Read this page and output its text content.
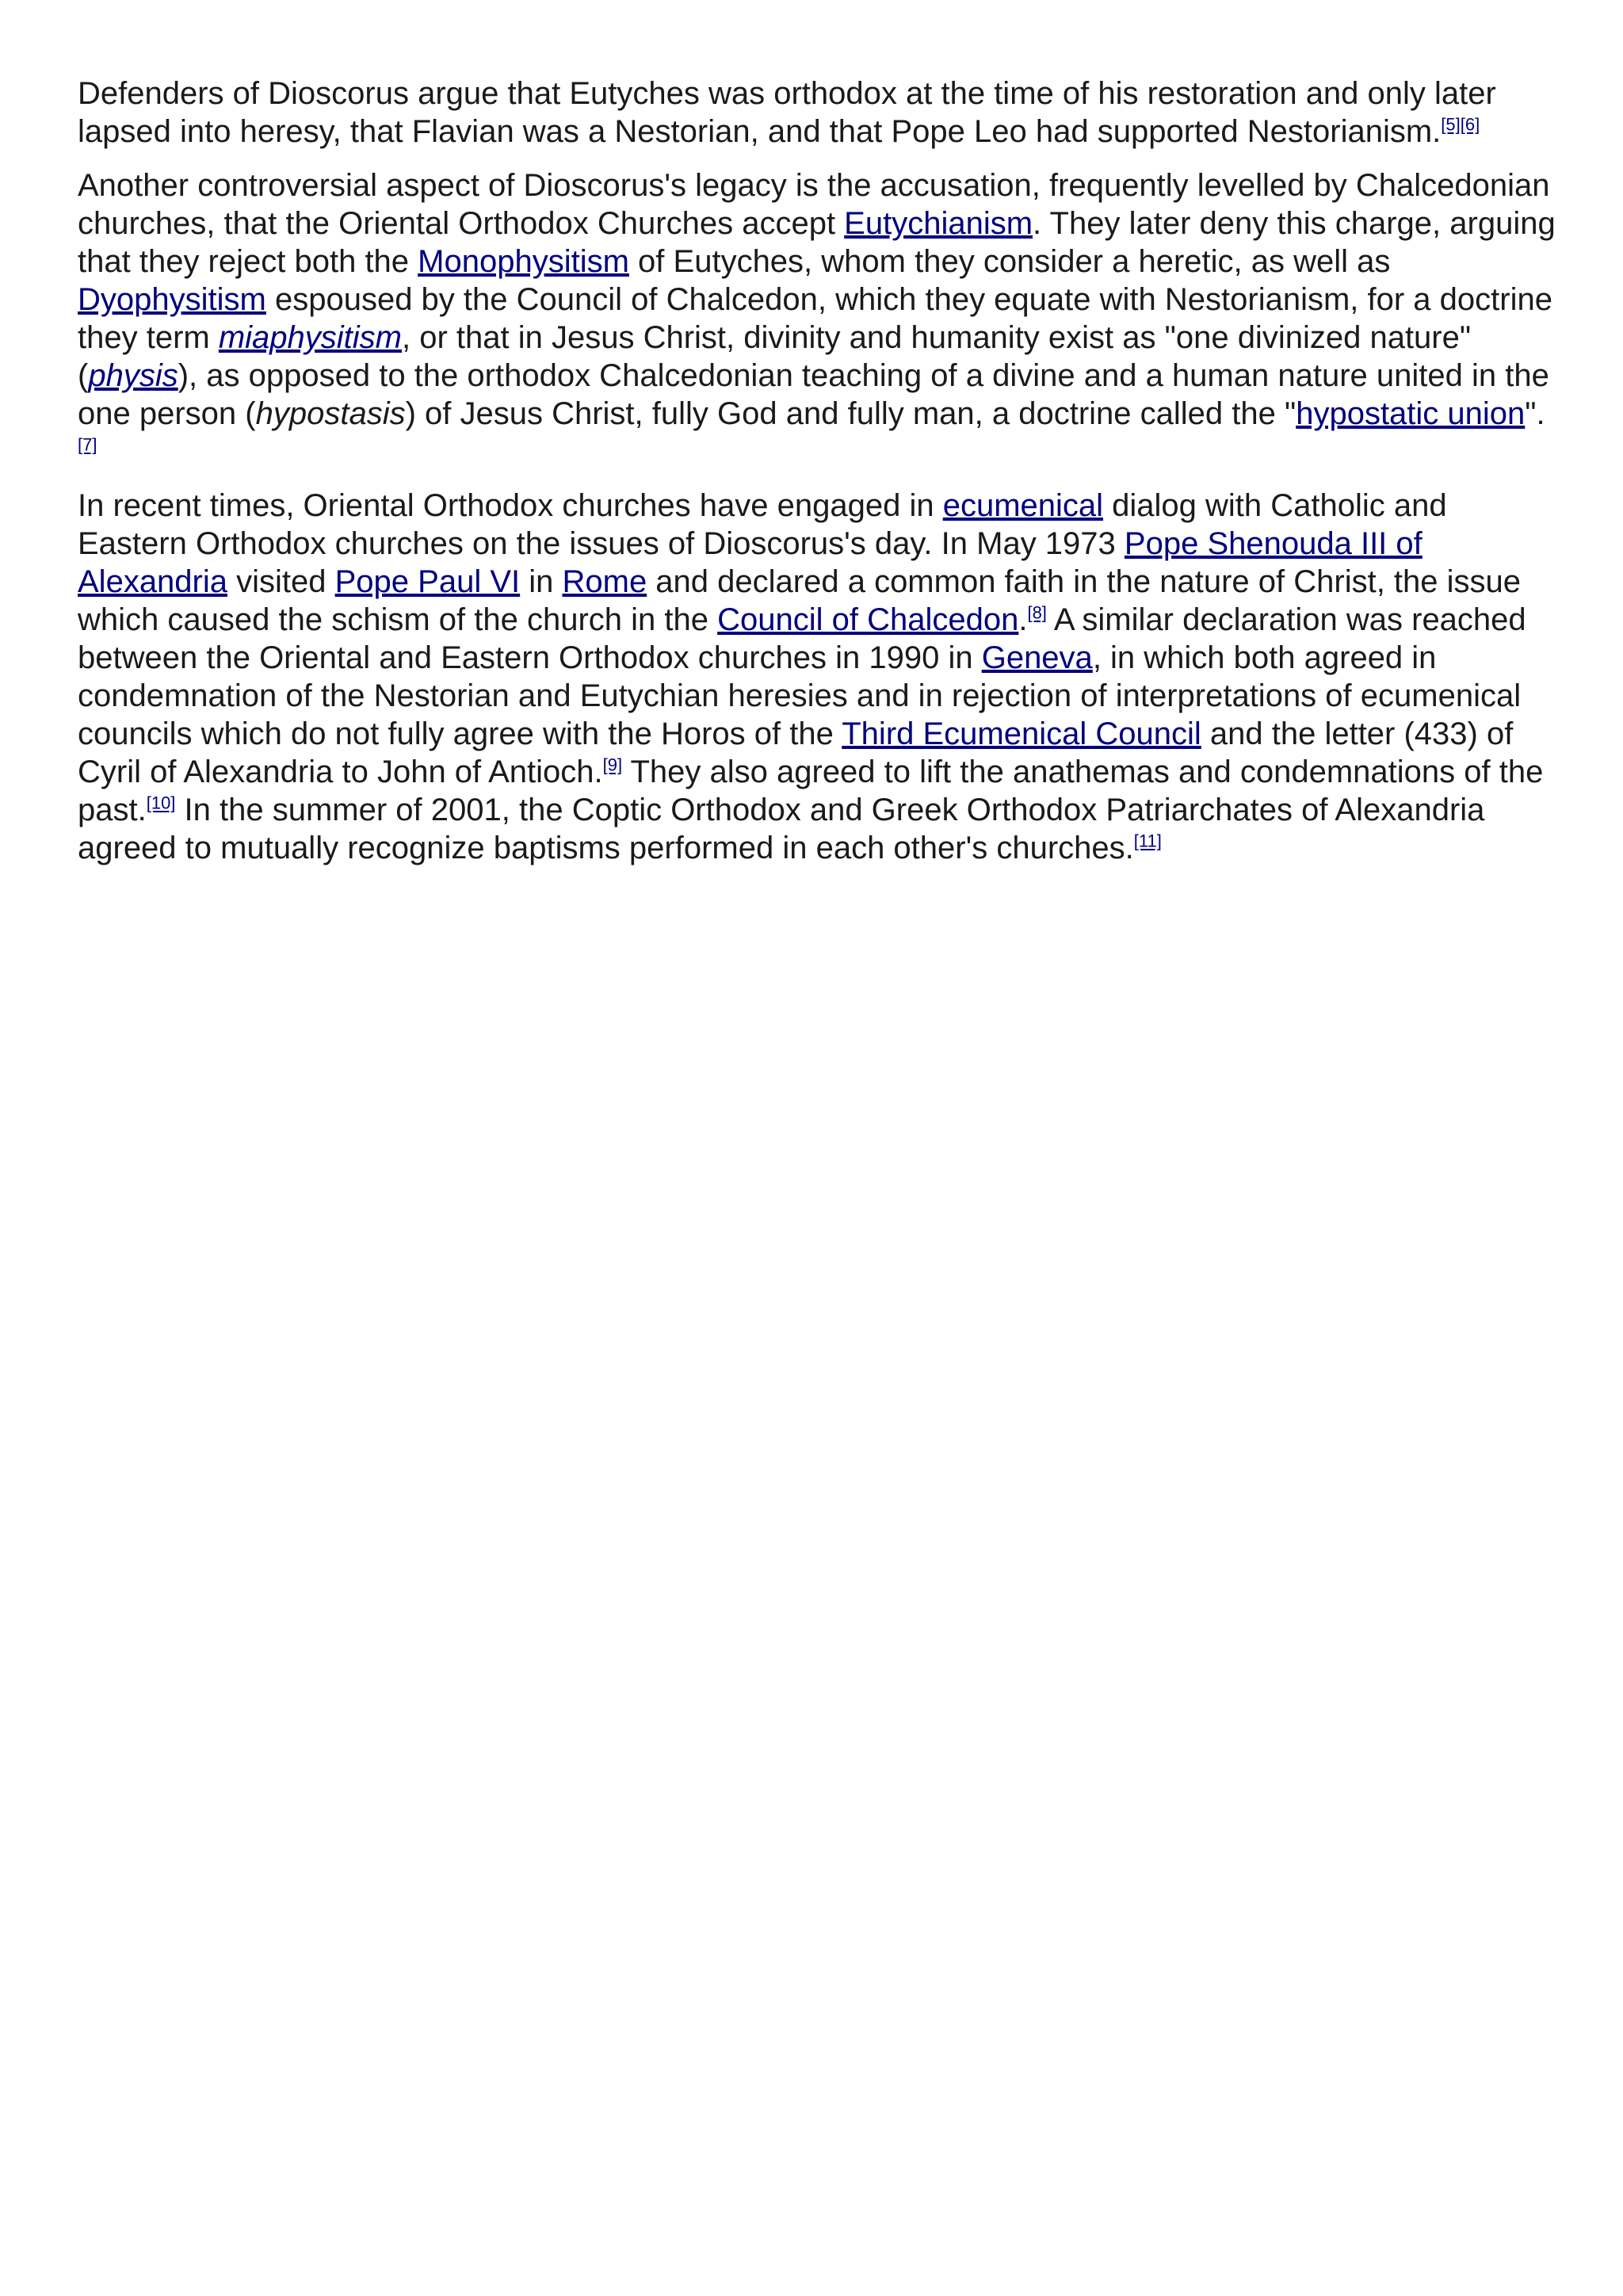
Defenders of Dioscorus argue that Eutyches was orthodox at the time of his restoration and only later lapsed into heresy, that Flavian was a Nestorian, and that Pope Leo had supported Nestorianism.[5][6]

Another controversial aspect of Dioscorus's legacy is the accusation, frequently levelled by Chalcedonian churches, that the Oriental Orthodox Churches accept Eutychianism. They later deny this charge, arguing that they reject both the Monophysitism of Eutyches, whom they consider a heretic, as well as Dyophysitism espoused by the Council of Chalcedon, which they equate with Nestorianism, for a doctrine they term miaphysitism, or that in Jesus Christ, divinity and humanity exist as "one divinized nature" (physis), as opposed to the orthodox Chalcedonian teaching of a divine and a human nature united in the one person (hypostasis) of Jesus Christ, fully God and fully man, a doctrine called the "hypostatic union".[7]

In recent times, Oriental Orthodox churches have engaged in ecumenical dialog with Catholic and Eastern Orthodox churches on the issues of Dioscorus's day. In May 1973 Pope Shenouda III of Alexandria visited Pope Paul VI in Rome and declared a common faith in the nature of Christ, the issue which caused the schism of the church in the Council of Chalcedon.[8] A similar declaration was reached between the Oriental and Eastern Orthodox churches in 1990 in Geneva, in which both agreed in condemnation of the Nestorian and Eutychian heresies and in rejection of interpretations of ecumenical councils which do not fully agree with the Horos of the Third Ecumenical Council and the letter (433) of Cyril of Alexandria to John of Antioch.[9] They also agreed to lift the anathemas and condemnations of the past.[10] In the summer of 2001, the Coptic Orthodox and Greek Orthodox Patriarchates of Alexandria agreed to mutually recognize baptisms performed in each other's churches.[11]
